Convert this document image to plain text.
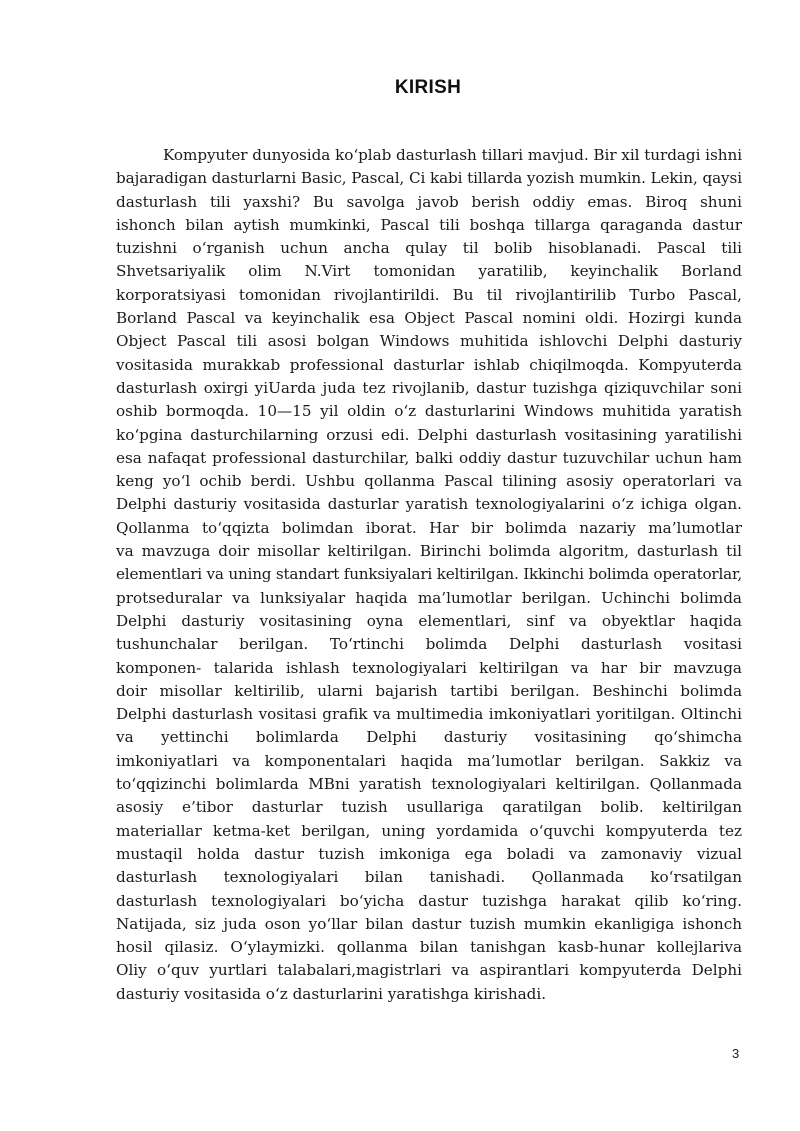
KIRISH
Kompyuter dunyosida ko‘plab dasturlash tillari mavjud. Bir xil turdagi ishni
bajaradigan dasturlarni Basic, Pascal, Ci kabi tillarda yozish mumkin. Lekin, qaysi
dasturlash tili yaxshi? Bu savolga javob berish oddiy emas. Biroq shuni
ishonch bilan aytish mumkinki, Pascal tili boshqa tillarga qaraganda dastur
tuzishni o‘rganish uchun ancha qulay til bolib hisoblanadi. Pascal tili
Shvetsariyalik olim N.Virt tomonidan yaratilib, keyinchalik Borland
korporatsiyasi tomonidan rivojlantirildi. Bu til rivojlantirilib Turbo Pascal,
Borland Pascal va keyinchalik esa Object Pascal nomini oldi. Hozirgi kunda
Object Pascal tili asosi bolgan Windows muhitida ishlovchi Delphi dasturiy
vositasida murakkab professional dasturlar ishlab chiqilmoqda. Kompyuterda
dasturlash oxirgi yiUarda juda tez rivojlanib, dastur tuzishga qiziquvchilar soni
oshib bormoqda. 10—15 yil oldin o‘z dasturlarini Windows muhitida yaratish
ko‘pgina dasturchilarning orzusi edi. Delphi dasturlash vositasining yaratilishi
esa nafaqat professional dasturchilar, balki oddiy dastur tuzuvchilar uchun ham
keng yo‘l ochib berdi. Ushbu qollanma Pascal tilining asosiy operatorlari va
Delphi dasturiy vositasida dasturlar yaratish texnologiyalarini o‘z ichiga olgan.
Qollanma to‘qqizta bolimdan iborat. Har bir bolimda nazariy ma’lumotlar
va mavzuga doir misollar keltirilgan. Birinchi bolimda algoritm, dasturlash til
elementlari va uning standart funksiyalari keltirilgan. Ikkinchi bolimda operatorlar,
protseduralar va lunksiyalar haqida ma’lumotlar berilgan. Uchinchi bolimda
Delphi dasturiy vositasining oyna elementlari, sinf va obyektlar haqida
tushunchalar berilgan. To‘rtinchi bolimda Delphi dasturlash vositasi
komponen- talarida ishlash texnologiyalari keltirilgan va har bir mavzuga
doir misollar keltirilib, ularni bajarish tartibi berilgan. Beshinchi bolimda
Delphi dasturlash vositasi grafik va multimedia imkoniyatlari yoritilgan. Oltinchi
va yettinchi bolimlarda Delphi dasturiy vositasining qo‘shimcha
imkoniyatlari va komponentalari haqida ma’lumotlar berilgan. Sakkiz va
to‘qqizinchi bolimlarda MBni yaratish texnologiyalari keltirilgan. Qollanmada
asosiy e’tibor dasturlar tuzish usullariga qaratilgan bolib. keltirilgan
materiallar ketma-ket berilgan, uning yordamida o‘quvchi kompyuterda tez
mustaqil holda dastur tuzish imkoniga ega boladi va zamonaviy vizual
dasturlash texnologiyalari bilan tanishadi. Qollanmada ko‘rsatilgan
dasturlash texnologiyalari bo‘yicha dastur tuzishga harakat qilib ko‘ring.
Natijada, siz juda oson yo‘llar bilan dastur tuzish mumkin ekanligiga ishonch
hosil qilasiz. O‘ylaymizki. qollanma bilan tanishgan kasb-hunar kollejlariva
Oliy o‘quv yurtlari talabalari,magistrlari va aspirantlari kompyuterda Delphi
dasturiy vositasida o‘z dasturlarini yaratishga kirishadi.
3
